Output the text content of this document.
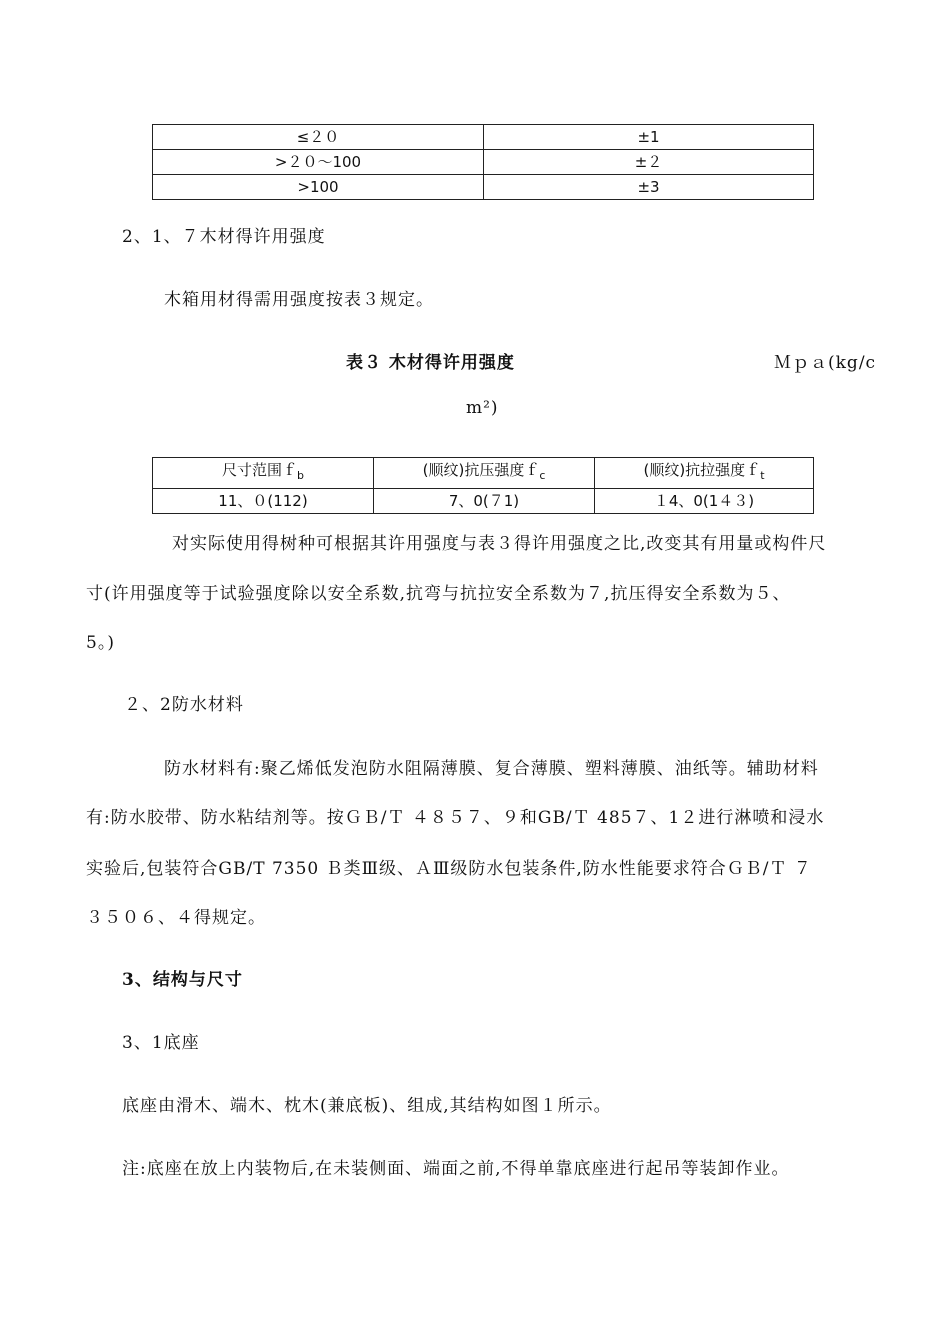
≤２０	±1
>２０～100	±２
>100	±3
2、1、７木材得许用强度
木箱用材得需用强度按表３规定。
表３ 木材得许用强度	Ｍｐａ(kg/c
m²)
尺寸范围ｆ$_b$	(顺纹)抗压强度ｆ$_c$	(顺纹)抗拉强度ｆ$_t$
11、０(112)	7、0(７1)	１4、0(1４３)
对实际使用得树种可根据其许用强度与表３得许用强度之比,改变其有用量或构件尺
寸(许用强度等于试验强度除以安全系数,抗弯与抗拉安全系数为７,抗压得安全系数为５、
5。)
２、2防水材料
防水材料有:聚乙烯低发泡防水阻隔薄膜、复合薄膜、塑料薄膜、油纸等。辅助材料
有:防水胶带、防水粘结剂等。按ＧＢ/Ｔ ４８５７、９和GB/Ｔ 485７、1２进行淋喷和浸水
实验后,包装符合GB/T 7350 Ｂ类Ⅲ级、ＡⅢ级防水包装条件,防水性能要求符合ＧＢ/Ｔ ７
３５０６、４得规定。
3、结构与尺寸
3、1底座
底座由滑木、端木、枕木(兼底板)、组成,其结构如图１所示。
注:底座在放上内装物后,在未装侧面、端面之前,不得单靠底座进行起吊等装卸作业。
